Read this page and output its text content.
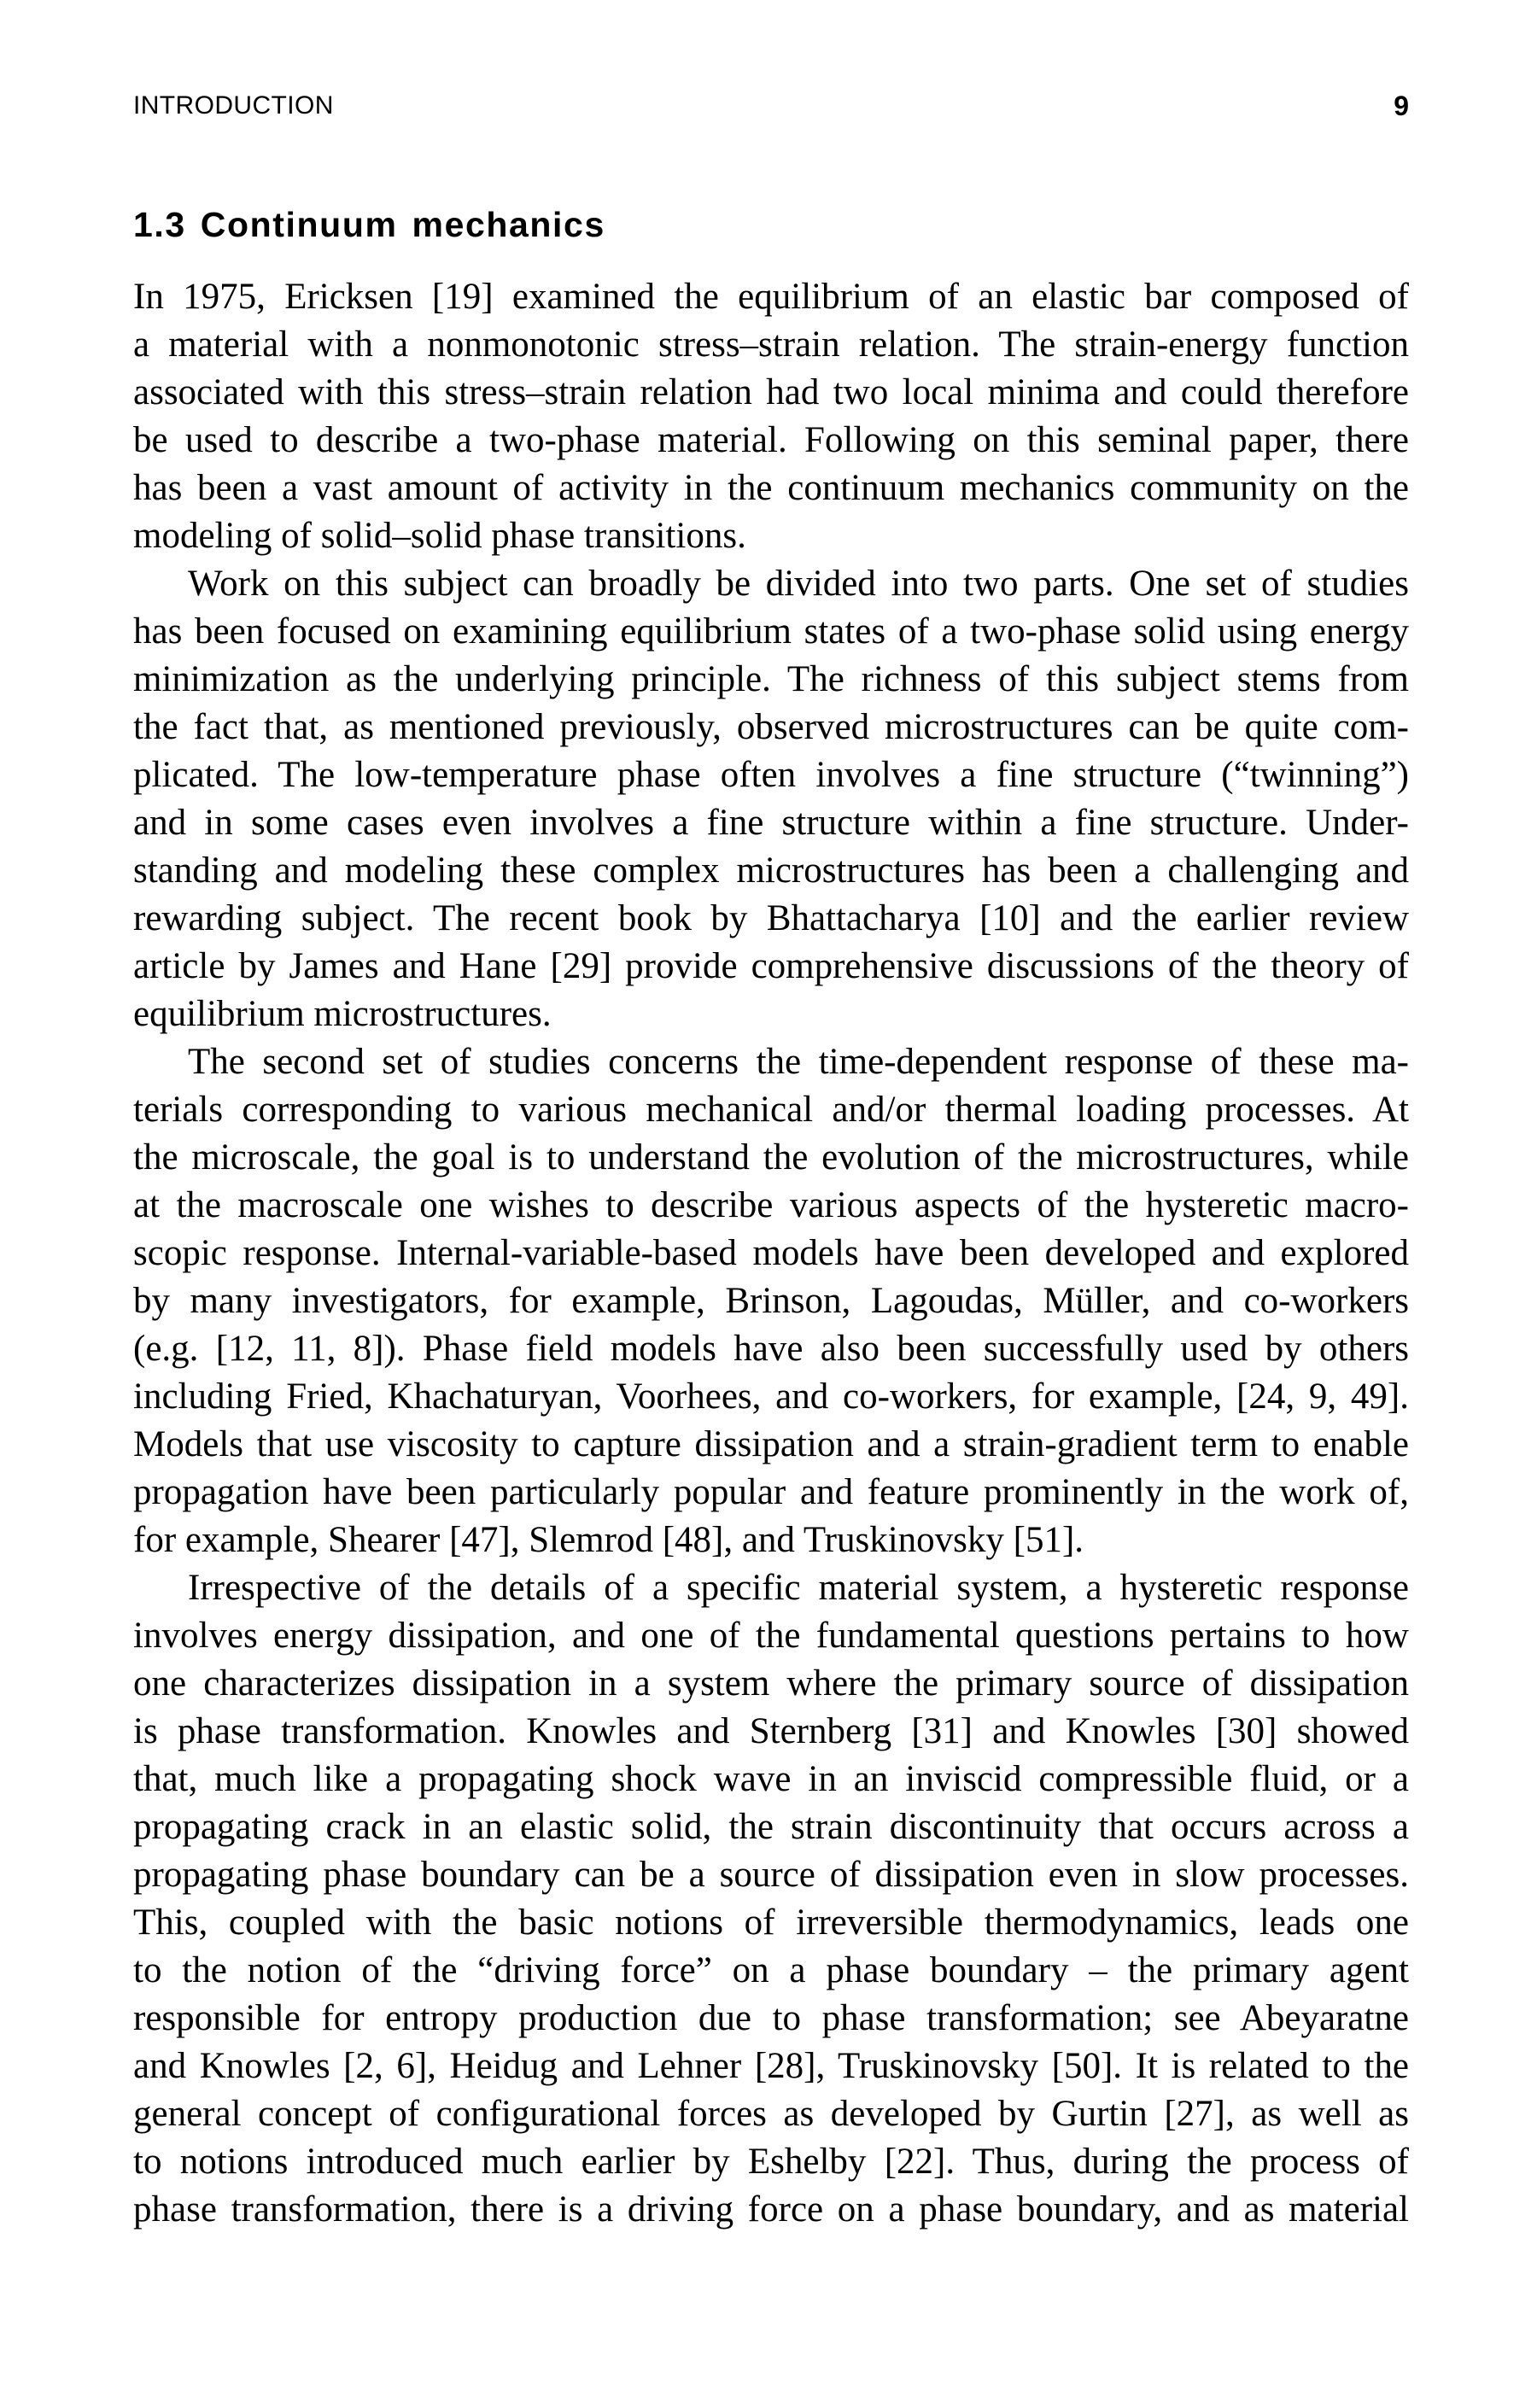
INTRODUCTION	9
1.3 Continuum mechanics
In 1975, Ericksen [19] examined the equilibrium of an elastic bar composed of
a material with a nonmonotonic stress–strain relation. The strain-energy function
associated with this stress–strain relation had two local minima and could therefore
be used to describe a two-phase material. Following on this seminal paper, there
has been a vast amount of activity in the continuum mechanics community on the
modeling of solid–solid phase transitions.
Work on this subject can broadly be divided into two parts. One set of studies
has been focused on examining equilibrium states of a two-phase solid using energy
minimization as the underlying principle. The richness of this subject stems from
the fact that, as mentioned previously, observed microstructures can be quite com-
plicated. The low-temperature phase often involves a fine structure (“twinning”)
and in some cases even involves a fine structure within a fine structure. Under-
standing and modeling these complex microstructures has been a challenging and
rewarding subject. The recent book by Bhattacharya [10] and the earlier review
article by James and Hane [29] provide comprehensive discussions of the theory of
equilibrium microstructures.
The second set of studies concerns the time-dependent response of these ma-
terials corresponding to various mechanical and/or thermal loading processes. At
the microscale, the goal is to understand the evolution of the microstructures, while
at the macroscale one wishes to describe various aspects of the hysteretic macro-
scopic response. Internal-variable-based models have been developed and explored
by many investigators, for example, Brinson, Lagoudas, Müller, and co-workers
(e.g. [12, 11, 8]). Phase field models have also been successfully used by others
including Fried, Khachaturyan, Voorhees, and co-workers, for example, [24, 9, 49].
Models that use viscosity to capture dissipation and a strain-gradient term to enable
propagation have been particularly popular and feature prominently in the work of,
for example, Shearer [47], Slemrod [48], and Truskinovsky [51].
Irrespective of the details of a specific material system, a hysteretic response
involves energy dissipation, and one of the fundamental questions pertains to how
one characterizes dissipation in a system where the primary source of dissipation
is phase transformation. Knowles and Sternberg [31] and Knowles [30] showed
that, much like a propagating shock wave in an inviscid compressible fluid, or a
propagating crack in an elastic solid, the strain discontinuity that occurs across a
propagating phase boundary can be a source of dissipation even in slow processes.
This, coupled with the basic notions of irreversible thermodynamics, leads one
to the notion of the “driving force” on a phase boundary – the primary agent
responsible for entropy production due to phase transformation; see Abeyaratne
and Knowles [2, 6], Heidug and Lehner [28], Truskinovsky [50]. It is related to the
general concept of configurational forces as developed by Gurtin [27], as well as
to notions introduced much earlier by Eshelby [22]. Thus, during the process of
phase transformation, there is a driving force on a phase boundary, and as material
